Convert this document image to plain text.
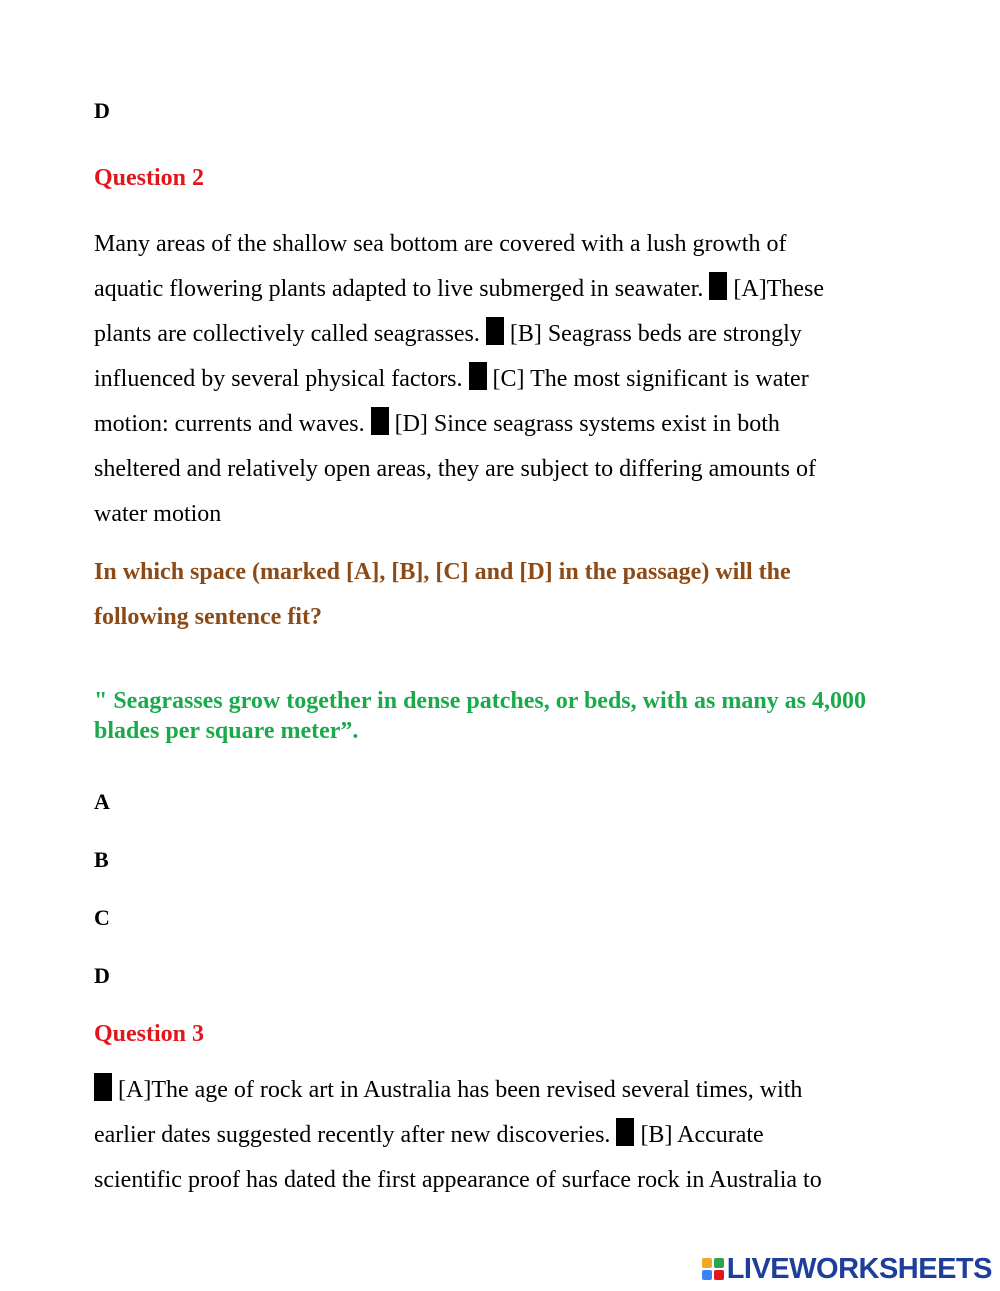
D
Question 2
Many areas of the shallow sea bottom are covered with a lush growth of
aquatic flowering plants adapted to live submerged in seawater. [A]These
plants are collectively called seagrasses. [B] Seagrass beds are strongly
influenced by several physical factors. [C] The most significant is water
motion: currents and waves. [D] Since seagrass systems exist in both
sheltered and relatively open areas, they are subject to differing amounts of
water motion
In which space (marked [A], [B], [C] and [D] in the passage) will the
following sentence fit?
" Seagrasses grow together in dense patches, or beds, with as many as 4,000 blades per square meter”.
A
B
C
D
Question 3
[A]The age of rock art in Australia has been revised several times, with
earlier dates suggested recently after new discoveries. [B] Accurate
scientific proof has dated the first appearance of surface rock in Australia to
LIVEWORKSHEETS
